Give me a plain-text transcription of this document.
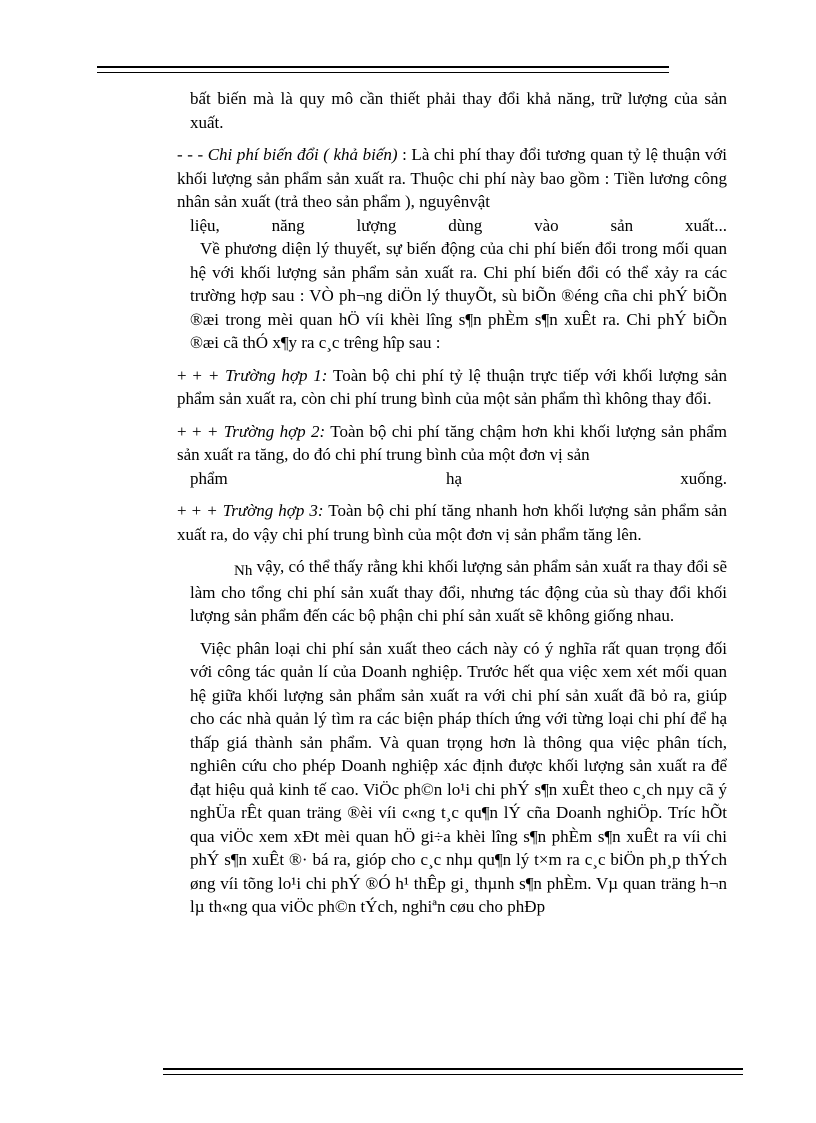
bất biến mà là quy mô cần thiết phải thay đổi khả năng, trữ lượng của sản xuất.

- - - Chi phí biến đổi ( khả biến) : Là chi phí thay đổi tương quan tỷ lệ thuận với khối lượng sản phẩm sản xuất ra. Thuộc chi phí này bao gồm : Tiền lương công nhân sản xuất (trả theo sản phẩm ), nguyênvật

liệu, năng lượng dùng vào sản xuất...

Về phương diện lý thuyết, sự biến động của chi phí biến đổi trong mối quan hệ với khối lượng sản phẩm sản xuất ra. Chi phí biến đổi có thể xảy ra các trường hợp sau : VÒ ph¬ng diÖn lý thuyÕt, sù biÕn ®éng cña chi phÝ biÕn ®æi trong mèi quan hÖ víi khèi lîng s¶n phÈm s¶n xuÊt ra. Chi phÝ biÕn ®æi cã thÓ x¶y ra c¸c trêng hîp sau :

+ + + Trường hợp 1: Toàn bộ chi phí tỷ lệ thuận trực tiếp với khối lượng sản phẩm sản xuất ra, còn chi phí trung bình của một sản phẩm thì không thay đổi.

+ + + Trường hợp 2: Toàn bộ chi phí tăng chậm hơn khi khối lượng sản phẩm sản xuất ra tăng, do đó chi phí trung bình của một đơn vị sản

phẩm hạ xuống.

+ + + Trường hợp 3: Toàn bộ chi phí tăng nhanh hơn khối lượng sản phẩm sản xuất ra, do vậy chi phí trung bình của một đơn vị sản phẩm tăng lên.

Nh vậy, có thể thấy rằng khi khối lượng sản phẩm sản xuất ra thay đổi sẽ làm cho tổng chi phí sản xuất thay đổi, nhưng tác động của sù thay đổi khối lượng sản phẩm đến các bộ phận chi phí sản xuất sẽ không giống nhau.

Việc phân loại chi phí sản xuất theo cách này có ý nghĩa rất quan trọng đối với công tác quản lí của Doanh nghiệp. Trước hết qua việc xem xét mối quan hệ giữa khối lượng sản phẩm sản xuất ra với chi phí sản xuất đã bỏ ra, giúp cho các nhà quản lý tìm ra các biện pháp thích ứng với từng loại chi phí để hạ thấp giá thành sản phẩm. Và quan trọng hơn là thông qua việc phân tích, nghiên cứu cho phép Doanh nghiệp xác định được khối lượng sản xuất ra để đạt hiệu quả kinh tế cao. ViÖc ph©n lo¹i chi phÝ s¶n xuÊt theo c¸ch nµy cã ý nghÜa rÊt quan träng ®èi víi c«ng t¸c qu¶n lÝ cña Doanh nghiÖp. Tríc hÕt qua viÖc xem xÐt mèi quan hÖ gi÷a khèi lîng s¶n phÈm s¶n xuÊt ra víi chi phÝ s¶n xuÊt ®· bá ra, gióp cho c¸c nhµ qu¶n lý t×m ra c¸c biÖn ph¸p thÝch øng víi tõng lo¹i chi phÝ ®Ó h¹ thÊp gi¸ thµnh s¶n phÈm. Vµ quan träng h¬n lµ th«ng qua viÖc ph©n tÝch, nghiªn cøu cho phÐp
